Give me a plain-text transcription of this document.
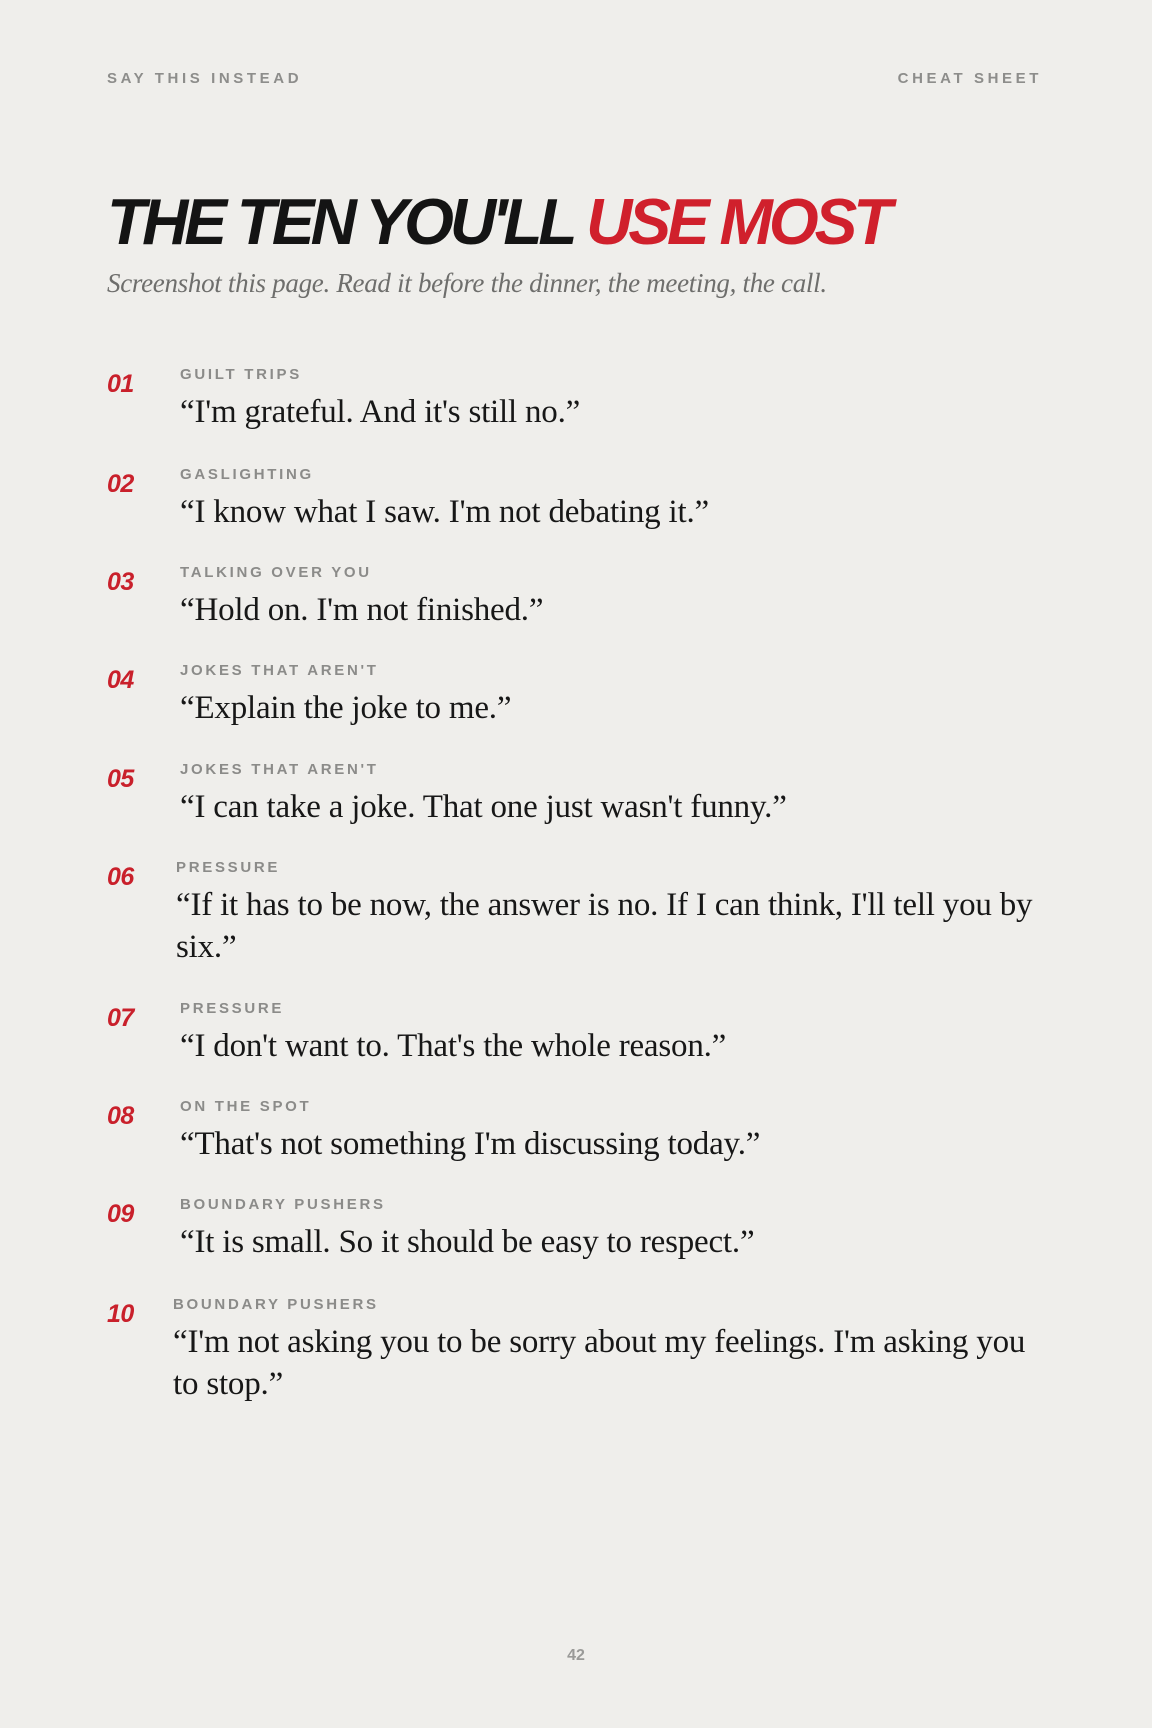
SAY THIS INSTEAD	CHEAT SHEET
THE TEN YOU'LL USE MOST
Screenshot this page. Read it before the dinner, the meeting, the call.
01	GUILT TRIPS
“I'm grateful. And it's still no.”
02	GASLIGHTING
“I know what I saw. I'm not debating it.”
03	TALKING OVER YOU
“Hold on. I'm not finished.”
04	JOKES THAT AREN'T
“Explain the joke to me.”
05	JOKES THAT AREN'T
“I can take a joke. That one just wasn't funny.”
06	PRESSURE
“If it has to be now, the answer is no. If I can think, I'll tell you by six.”
07	PRESSURE
“I don't want to. That's the whole reason.”
08	ON THE SPOT
“That's not something I'm discussing today.”
09	BOUNDARY PUSHERS
“It is small. So it should be easy to respect.”
10	BOUNDARY PUSHERS
“I'm not asking you to be sorry about my feelings. I'm asking you to stop.”
42
